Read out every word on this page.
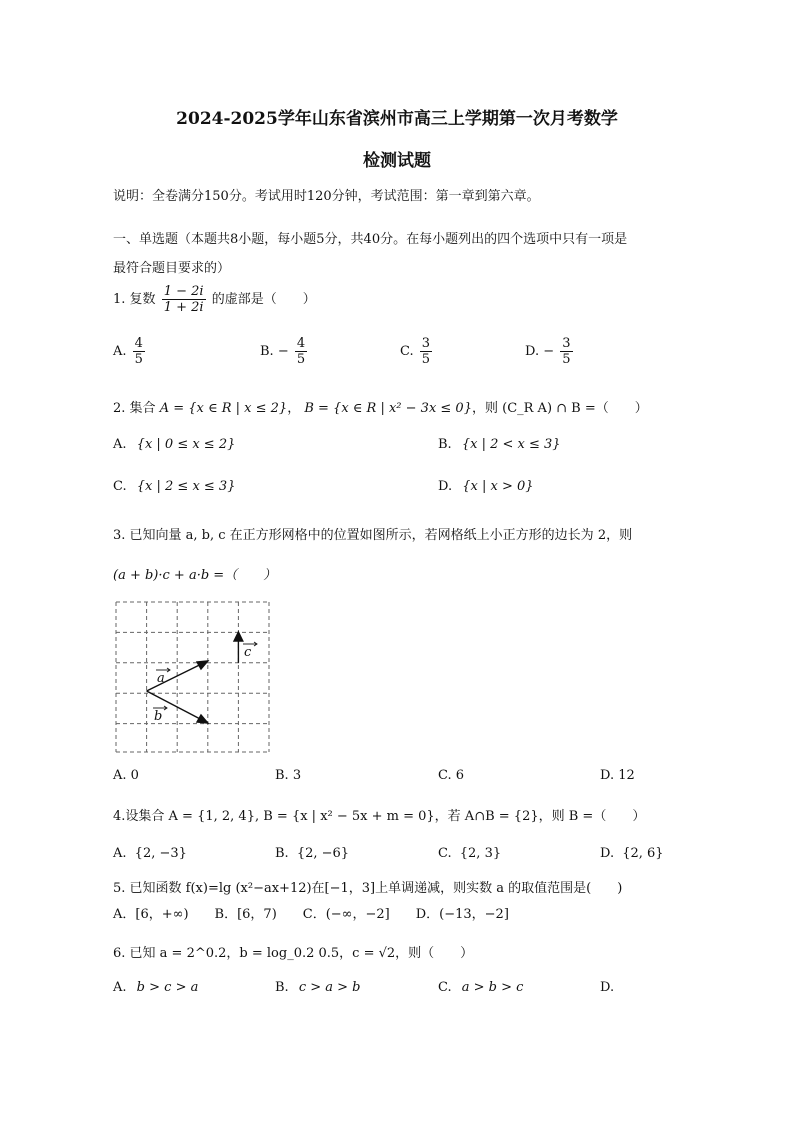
2024-2025学年山东省滨州市高三上学期第一次月考数学
检测试题
说明：全卷满分150分。考试用时120分钟，考试范围：第一章到第六章。
一、单选题（本题共8小题，每小题5分，共40分。在每小题列出的四个选项中只有一项是
最符合题目要求的）
1. 复数 $\frac{1 - 2i}{1 + 2i}$ 的虚部是（　　）
A. $\frac{4}{5}$	B. − $\frac{4}{5}$	C. $\frac{3}{5}$	D. − $\frac{3}{5}$
2. 集合 A = {x ∈ R | x ≤ 2}， B = {x ∈ R | x² − 3x ≤ 0}，则 (C_R A) ∩ B =（　　）
A. {x | 0 ≤ x ≤ 2}	B. {x | 2 < x ≤ 3}
C. {x | 2 ≤ x ≤ 3}	D. {x | x > 0}
3. 已知向量 a, b, c 在正方形网格中的位置如图所示，若网格纸上小正方形的边长为 2，则
(a + b)·c + a·b =（　　）
a
b
c
A. 0	B. 3	C. 6	D. 12
4.设集合 A = {1, 2, 4}, B = {x | x² − 5x + m = 0}，若 A∩B = {2}，则 B =（　　）
A. {2, −3}	B. {2, −6}	C. {2, 3}	D. {2, 6}
5. 已知函数 f(x)=lg (x²−ax+12)在[−1，3]上单调递减，则实数 a 的取值范围是(　　)
A．[6，+∞)　　B．[6，7)　　C．(−∞，−2]　　D．(−13，−2]
6. 已知 a = 2^0.2，b = log_0.2 0.5，c = √2，则（　　）
A. b > c > a	B. c > a > b	C. a > b > c	D.
